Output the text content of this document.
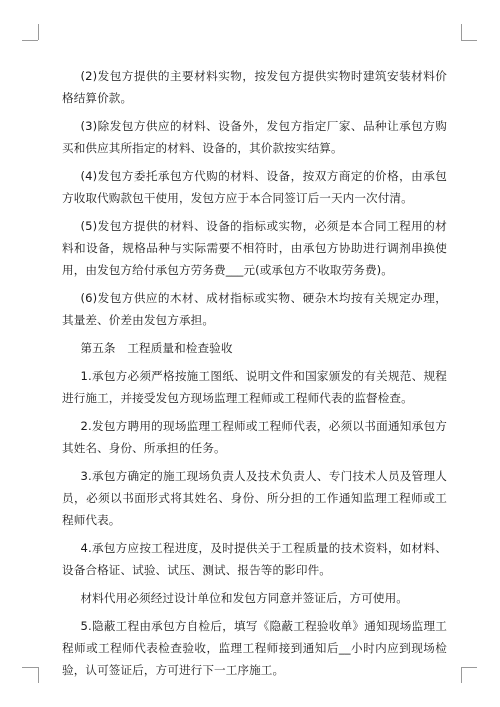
(2)发包方提供的主要材料实物，按发包方提供实物时建筑安装材料价格结算价款。

(3)除发包方供应的材料、设备外，发包方指定厂家、品种让承包方购买和供应其所指定的材料、设备的，其价款按实结算。

(4)发包方委托承包方代购的材料、设备，按双方商定的价格，由承包方收取代购款包干使用，发包方应于本合同签订后一天内一次付清。

(5)发包方提供的材料、设备的指标或实物，必须是本合同工程用的材料和设备，规格品种与实际需要不相符时，由承包方协助进行调剂串换使用，由发包方给付承包方劳务费___元(或承包方不收取劳务费)。

(6)发包方供应的木材、成材指标或实物、硬杂木均按有关规定办理，其量差、价差由发包方承担。

第五条　工程质量和检查验收

1.承包方必须严格按施工图纸、说明文件和国家颁发的有关规范、规程进行施工，并接受发包方现场监理工程师或工程师代表的监督检查。

2.发包方聘用的现场监理工程师或工程师代表，必须以书面通知承包方其姓名、身份、所承担的任务。

3.承包方确定的施工现场负责人及技术负责人、专门技术人员及管理人员，必须以书面形式将其姓名、身份、所分担的工作通知监理工程师或工程师代表。

4.承包方应按工程进度，及时提供关于工程质量的技术资料，如材料、设备合格证、试验、试压、测试、报告等的影印件。

材料代用必须经过设计单位和发包方同意并签证后，方可使用。

5.隐蔽工程由承包方自检后，填写《隐蔽工程验收单》通知现场监理工程师或工程师代表检查验收，监理工程师接到通知后__小时内应到现场检验，认可签证后，方可进行下一工序施工。
